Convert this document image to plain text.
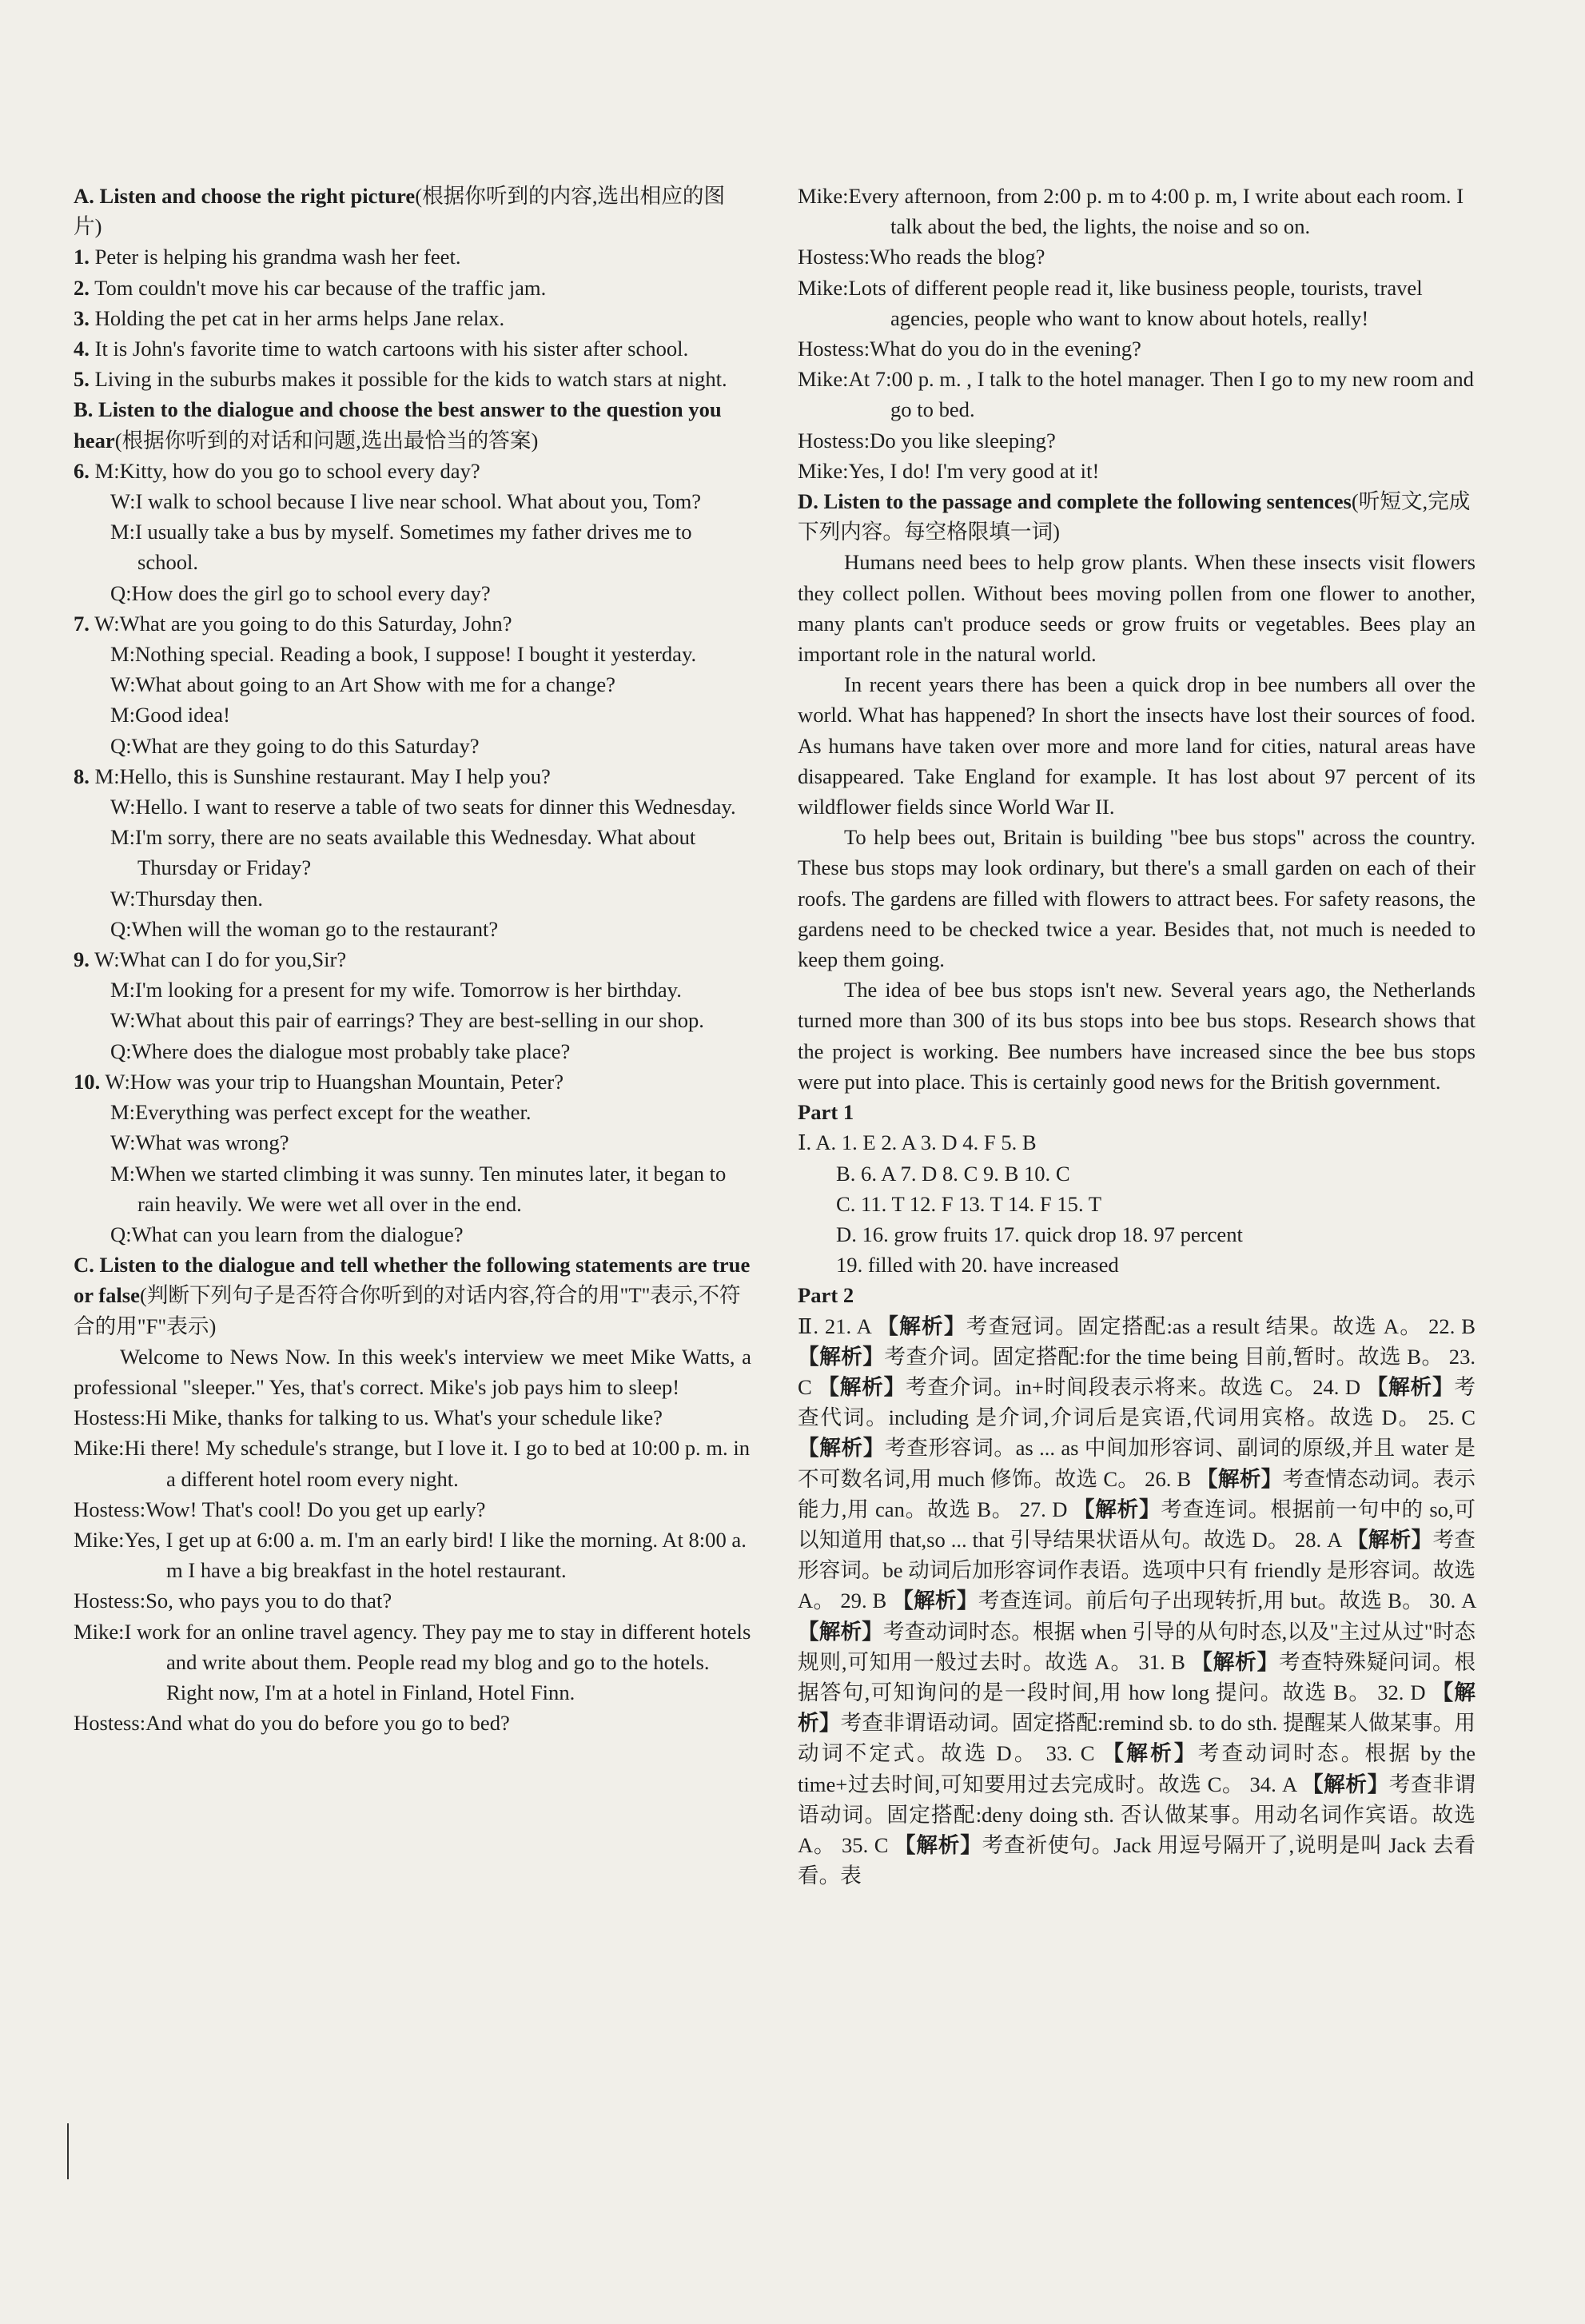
A. Listen and choose the right picture(根据你听到的内容,选出相应的图片)

1. Peter is helping his grandma wash her feet.

2. Tom couldn't move his car because of the traffic jam.

3. Holding the pet cat in her arms helps Jane relax.

4. It is John's favorite time to watch cartoons with his sister after school.

5. Living in the suburbs makes it possible for the kids to watch stars at night.

B. Listen to the dialogue and choose the best answer to the question you hear(根据你听到的对话和问题,选出最恰当的答案)

6. M:Kitty, how do you go to school every day?

W:I walk to school because I live near school. What about you, Tom?

M:I usually take a bus by myself. Sometimes my father drives me to school.

Q:How does the girl go to school every day?

7. W:What are you going to do this Saturday, John?

M:Nothing special. Reading a book, I suppose! I bought it yesterday.

W:What about going to an Art Show with me for a change?

M:Good idea!

Q:What are they going to do this Saturday?

8. M:Hello, this is Sunshine restaurant. May I help you?

W:Hello. I want to reserve a table of two seats for dinner this Wednesday.

M:I'm sorry, there are no seats available this Wednesday. What about Thursday or Friday?

W:Thursday then.

Q:When will the woman go to the restaurant?

9. W:What can I do for you,Sir?

M:I'm looking for a present for my wife. Tomorrow is her birthday.

W:What about this pair of earrings? They are best-selling in our shop.

Q:Where does the dialogue most probably take place?

10. W:How was your trip to Huangshan Mountain, Peter?

M:Everything was perfect except for the weather.

W:What was wrong?

M:When we started climbing it was sunny. Ten minutes later, it began to rain heavily. We were wet all over in the end.

Q:What can you learn from the dialogue?

C. Listen to the dialogue and tell whether the following statements are true or false(判断下列句子是否符合你听到的对话内容,符合的用"T"表示,不符合的用"F"表示)

Welcome to News Now. In this week's interview we meet Mike Watts, a professional "sleeper." Yes, that's correct. Mike's job pays him to sleep!

Hostess:Hi Mike, thanks for talking to us. What's your schedule like?

Mike:Hi there! My schedule's strange, but I love it. I go to bed at 10:00 p. m. in a different hotel room every night.

Hostess:Wow! That's cool! Do you get up early?

Mike:Yes, I get up at 6:00 a. m. I'm an early bird! I like the morning. At 8:00 a. m I have a big breakfast in the hotel restaurant.

Hostess:So, who pays you to do that?

Mike:I work for an online travel agency. They pay me to stay in different hotels and write about them. People read my blog and go to the hotels. Right now, I'm at a hotel in Finland, Hotel Finn.

Hostess:And what do you do before you go to bed?

Mike:Every afternoon, from 2:00 p. m to 4:00 p. m, I write about each room. I talk about the bed, the lights, the noise and so on.

Hostess:Who reads the blog?

Mike:Lots of different people read it, like business people, tourists, travel agencies, people who want to know about hotels, really!

Hostess:What do you do in the evening?

Mike:At 7:00 p. m. , I talk to the hotel manager. Then I go to my new room and go to bed.

Hostess:Do you like sleeping?

Mike:Yes, I do! I'm very good at it!

D. Listen to the passage and complete the following sentences(听短文,完成下列内容。每空格限填一词)

Humans need bees to help grow plants. When these insects visit flowers they collect pollen. Without bees moving pollen from one flower to another, many plants can't produce seeds or grow fruits or vegetables. Bees play an important role in the natural world.

In recent years there has been a quick drop in bee numbers all over the world. What has happened? In short the insects have lost their sources of food. As humans have taken over more and more land for cities, natural areas have disappeared. Take England for example. It has lost about 97 percent of its wildflower fields since World War II.

To help bees out, Britain is building "bee bus stops" across the country. These bus stops may look ordinary, but there's a small garden on each of their roofs. The gardens are filled with flowers to attract bees. For safety reasons, the gardens need to be checked twice a year. Besides that, not much is needed to keep them going.

The idea of bee bus stops isn't new. Several years ago, the Netherlands turned more than 300 of its bus stops into bee bus stops. Research shows that the project is working. Bee numbers have increased since the bee bus stops were put into place. This is certainly good news for the British government.

Part 1

Ⅰ. A. 1. E 2. A 3. D 4. F 5. B

B. 6. A 7. D 8. C 9. B 10. C

C. 11. T 12. F 13. T 14. F 15. T

D. 16. grow fruits 17. quick drop 18. 97 percent

19. filled with 20. have increased

Part 2

Ⅱ. 21. A 【解析】考查冠词。固定搭配:as a result 结果。故选 A。 22. B 【解析】考查介词。固定搭配:for the time being 目前,暂时。故选 B。 23. C 【解析】考查介词。in+时间段表示将来。故选 C。 24. D 【解析】考查代词。including 是介词,介词后是宾语,代词用宾格。故选 D。 25. C 【解析】考查形容词。as ... as 中间加形容词、副词的原级,并且 water 是不可数名词,用 much 修饰。故选 C。 26. B 【解析】考查情态动词。表示能力,用 can。故选 B。 27. D 【解析】考查连词。根据前一句中的 so,可以知道用 that,so ... that 引导结果状语从句。故选 D。 28. A 【解析】考查形容词。be 动词后加形容词作表语。选项中只有 friendly 是形容词。故选 A。 29. B 【解析】考查连词。前后句子出现转折,用 but。故选 B。 30. A 【解析】考查动词时态。根据 when 引导的从句时态,以及"主过从过"时态规则,可知用一般过去时。故选 A。 31. B 【解析】考查特殊疑问词。根据答句,可知询问的是一段时间,用 how long 提问。故选 B。 32. D 【解析】考查非谓语动词。固定搭配:remind sb. to do sth. 提醒某人做某事。用动词不定式。故选 D。 33. C 【解析】考查动词时态。根据 by the time+过去时间,可知要用过去完成时。故选 C。 34. A 【解析】考查非谓语动词。固定搭配:deny doing sth. 否认做某事。用动名词作宾语。故选 A。 35. C 【解析】考查祈使句。Jack 用逗号隔开了,说明是叫 Jack 去看看。表
